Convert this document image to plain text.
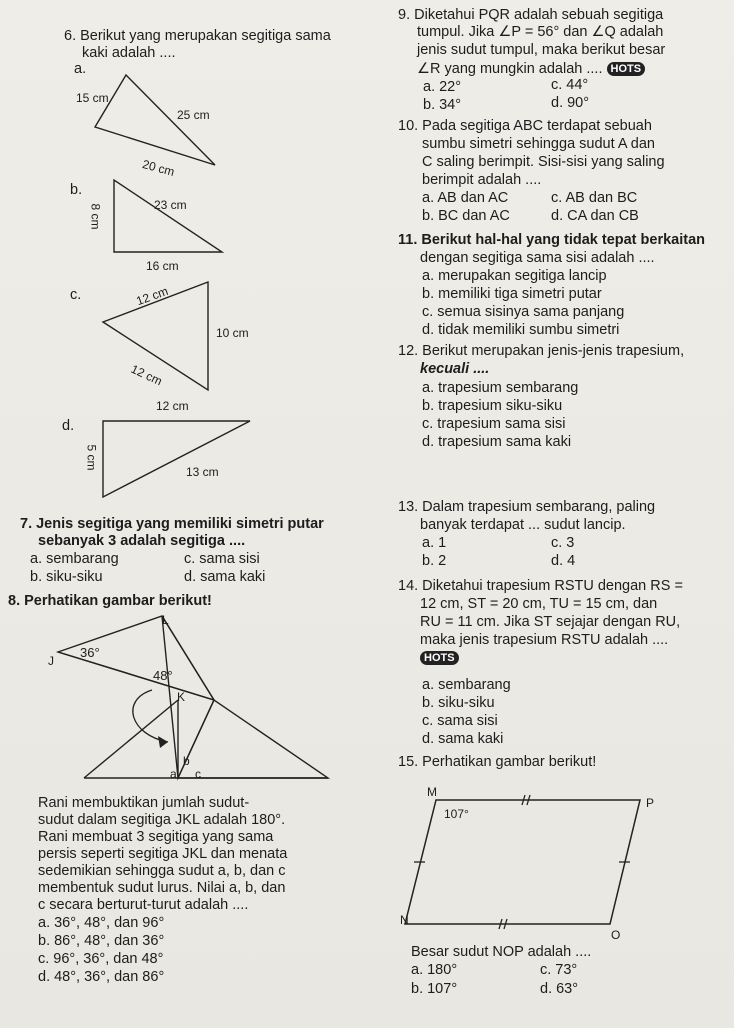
6. Berikut yang merupakan segitiga sama
kaki adalah ....
a.
15 cm
25 cm
20 cm
b.
23 cm
8 cm
16 cm
c.	12 cm
10 cm
12 cm
12 cm
d.
5 cm
13 cm
7. Jenis segitiga yang memiliki simetri putar
sebanyak 3 adalah segitiga ....
a. sembarang	c. sama sisi
b. siku-siku	d. sama kaki
8. Perhatikan gambar berikut!
L
J
K
36°
48°
b
a c
Rani membuktikan jumlah sudut-
sudut dalam segitiga JKL adalah 180°.
Rani membuat 3 segitiga yang sama
persis seperti segitiga JKL dan menata
sedemikian sehingga sudut a, b, dan c
membentuk sudut lurus. Nilai a, b, dan
c secara berturut-turut adalah ....
a. 36°, 48°, dan 96°
b. 86°, 48°, dan 36°
c. 96°, 36°, dan 48°
d. 48°, 36°, dan 86°
9. Diketahui PQR adalah sebuah segitiga
tumpul. Jika ∠P = 56° dan ∠Q adalah
jenis sudut tumpul, maka berikut besar
∠R yang mungkin adalah .... HOTS
a. 22°	c. 44°
b. 34°	d. 90°
10. Pada segitiga ABC terdapat sebuah
sumbu simetri sehingga sudut A dan
C saling berimpit. Sisi-sisi yang saling
berimpit adalah ....
a. AB dan AC	c. AB dan BC
b. BC dan AC	d. CA dan CB
11. Berikut hal-hal yang tidak tepat berkaitan
dengan segitiga sama sisi adalah ....
a. merupakan segitiga lancip
b. memiliki tiga simetri putar
c. semua sisinya sama panjang
d. tidak memiliki sumbu simetri
12. Berikut merupakan jenis-jenis trapesium,
kecuali ....
a. trapesium sembarang
b. trapesium siku-siku
c. trapesium sama sisi
d. trapesium sama kaki
13. Dalam trapesium sembarang, paling
banyak terdapat ... sudut lancip.
a. 1	c. 3
b. 2	d. 4
14. Diketahui trapesium RSTU dengan RS =
12 cm, ST = 20 cm, TU = 15 cm, dan
RU = 11 cm. Jika ST sejajar dengan RU,
maka jenis trapesium RSTU adalah ....
HOTS
a. sembarang
b. siku-siku
c. sama sisi
d. sama kaki
15. Perhatikan gambar berikut!
M
P
N
O
107°
Besar sudut NOP adalah ....
a. 180°	c. 73°
b. 107°	d. 63°
